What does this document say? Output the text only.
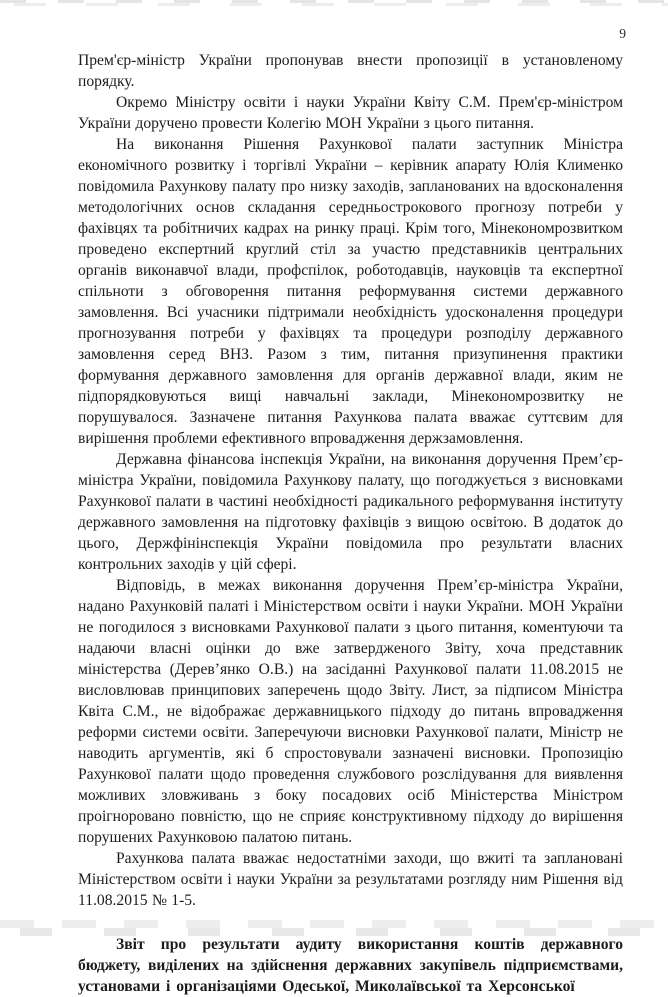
9

Прем'єр-міністр України пропонував внести пропозиції в установленому порядку.

Окремо Міністру освіти і науки України Квіту С.М. Прем'єр-міністром України доручено провести Колегію МОН України з цього питання.

На виконання Рішення Рахункової палати заступник Міністра економічного розвитку і торгівлі України – керівник апарату Юлія Клименко повідомила Рахункову палату про низку заходів, запланованих на вдосконалення методологічних основ складання середньострокового прогнозу потреби у фахівцях та робітничих кадрах на ринку праці. Крім того, Мінекономрозвитком проведено експертний круглий стіл за участю представників центральних органів виконавчої влади, профспілок, роботодавців, науковців та експертної спільноти з обговорення питання реформування системи державного замовлення. Всі учасники підтримали необхідність удосконалення процедури прогнозування потреби у фахівцях та процедури розподілу державного замовлення серед ВНЗ. Разом з тим, питання призупинення практики формування державного замовлення для органів державної влади, яким не підпорядковуються вищі навчальні заклади, Мінекономрозвитку не порушувалося. Зазначене питання Рахункова палата вважає суттєвим для вирішення проблеми ефективного впровадження держзамовлення.

Державна фінансова інспекція України, на виконання доручення Прем’єр-міністра України, повідомила Рахункову палату, що погоджується з висновками Рахункової палати в частині необхідності радикального реформування інституту державного замовлення на підготовку фахівців з вищою освітою. В додаток до цього, Держфінінспекція України повідомила про результати власних контрольних заходів у цій сфері.

Відповідь, в межах виконання доручення Прем’єр-міністра України, надано Рахунковій палаті і Міністерством освіти і науки України. МОН України не погодилося з висновками Рахункової палати з цього питання, коментуючи та надаючи власні оцінки до вже затвердженого Звіту, хоча представник міністерства (Дерев’янко О.В.) на засіданні Рахункової палати 11.08.2015 не висловлював принципових заперечень щодо Звіту. Лист, за підписом Міністра Квіта С.М., не відображає державницького підходу до питань впровадження реформи системи освіти. Заперечуючи висновки Рахункової палати, Міністр не наводить аргументів, які б спростовували зазначені висновки. Пропозицію Рахункової палати щодо проведення службового розслідування для виявлення можливих зловживань з боку посадових осіб Міністерства Міністром проігноровано повністю, що не сприяє конструктивному підходу до вирішення порушених Рахунковою палатою питань.

Рахункова палата вважає недостатніми заходи, що вжиті та заплановані Міністерством освіти і науки України за результатами розгляду ним Рішення від 11.08.2015 № 1-5.

Звіт про результати аудиту використання коштів державного бюджету, виділених на здійснення державних закупівель підприємствами, установами і організаціями Одеської, Миколаївської та Херсонської
